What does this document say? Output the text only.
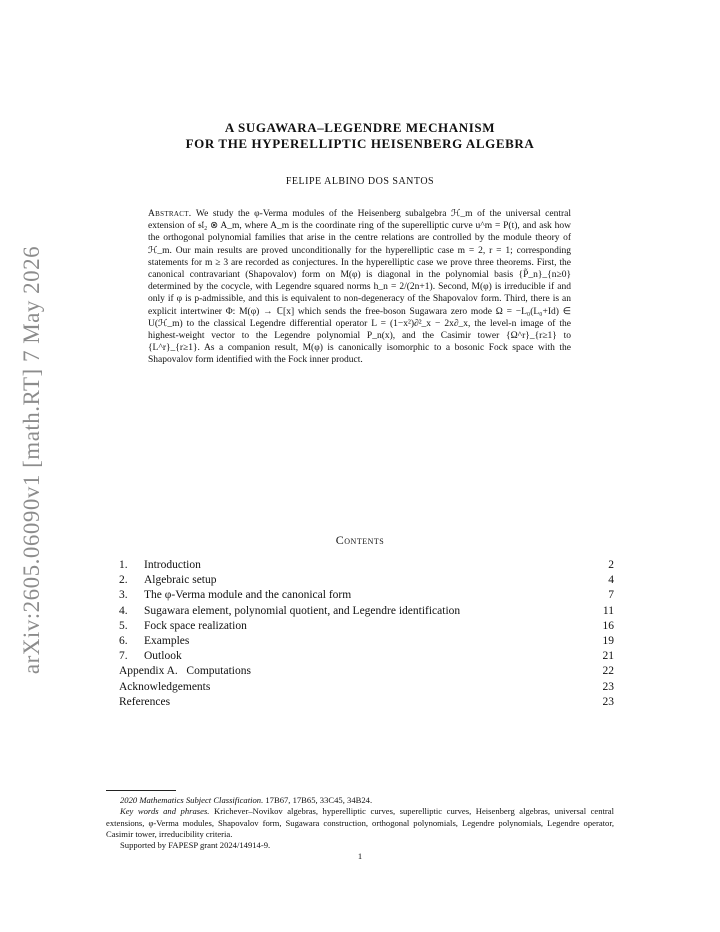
arXiv:2605.06090v1 [math.RT] 7 May 2026
A SUGAWARA–LEGENDRE MECHANISM
FOR THE HYPERELLIPTIC HEISENBERG ALGEBRA
FELIPE ALBINO DOS SANTOS
Abstract. We study the φ-Verma modules of the Heisenberg subalgebra ℋ_m of the universal central extension of 𝔰𝔩₂ ⊗ A_m, where A_m is the coordinate ring of the superelliptic curve u^m = P(t), and ask how the orthogonal polynomial families that arise in the centre relations are controlled by the module theory of ℋ_m. Our main results are proved unconditionally for the hyperelliptic case m = 2, r = 1; corresponding statements for m ≥ 3 are recorded as conjectures. In the hyperelliptic case we prove three theorems. First, the canonical contravariant (Shapovalov) form on M(φ) is diagonal in the polynomial basis {P̃_n}_{n≥0} determined by the cocycle, with Legendre squared norms h_n = 2/(2n+1). Second, M(φ) is irreducible if and only if φ is p-admissible, and this is equivalent to non-degeneracy of the Shapovalov form. Third, there is an explicit intertwiner Φ: M(φ) → ℂ[x] which sends the free-boson Sugawara zero mode Ω = −L₀(L₀+Id) ∈ U(ℋ_m) to the classical Legendre differential operator L = (1−x²)∂²_x − 2x∂_x, the level-n image of the highest-weight vector to the Legendre polynomial P_n(x), and the Casimir tower {Ω^r}_{r≥1} to {L^r}_{r≥1}. As a companion result, M(φ) is canonically isomorphic to a bosonic Fock space with the Shapovalov form identified with the Fock inner product.
Contents
1. Introduction	2
2. Algebraic setup	4
3. The φ-Verma module and the canonical form	7
4. Sugawara element, polynomial quotient, and Legendre identification	11
5. Fock space realization	16
6. Examples	19
7. Outlook	21
Appendix A.   Computations	22
Acknowledgements	23
References	23

2020 Mathematics Subject Classification. 17B67, 17B65, 33C45, 34B24.

Key words and phrases. Krichever–Novikov algebras, hyperelliptic curves, superelliptic curves, Heisenberg algebras, universal central extensions, φ-Verma modules, Shapovalov form, Sugawara construction, orthogonal polynomials, Legendre polynomials, Legendre operator, Casimir tower, irreducibility criteria.

Supported by FAPESP grant 2024/14914-9.

1
